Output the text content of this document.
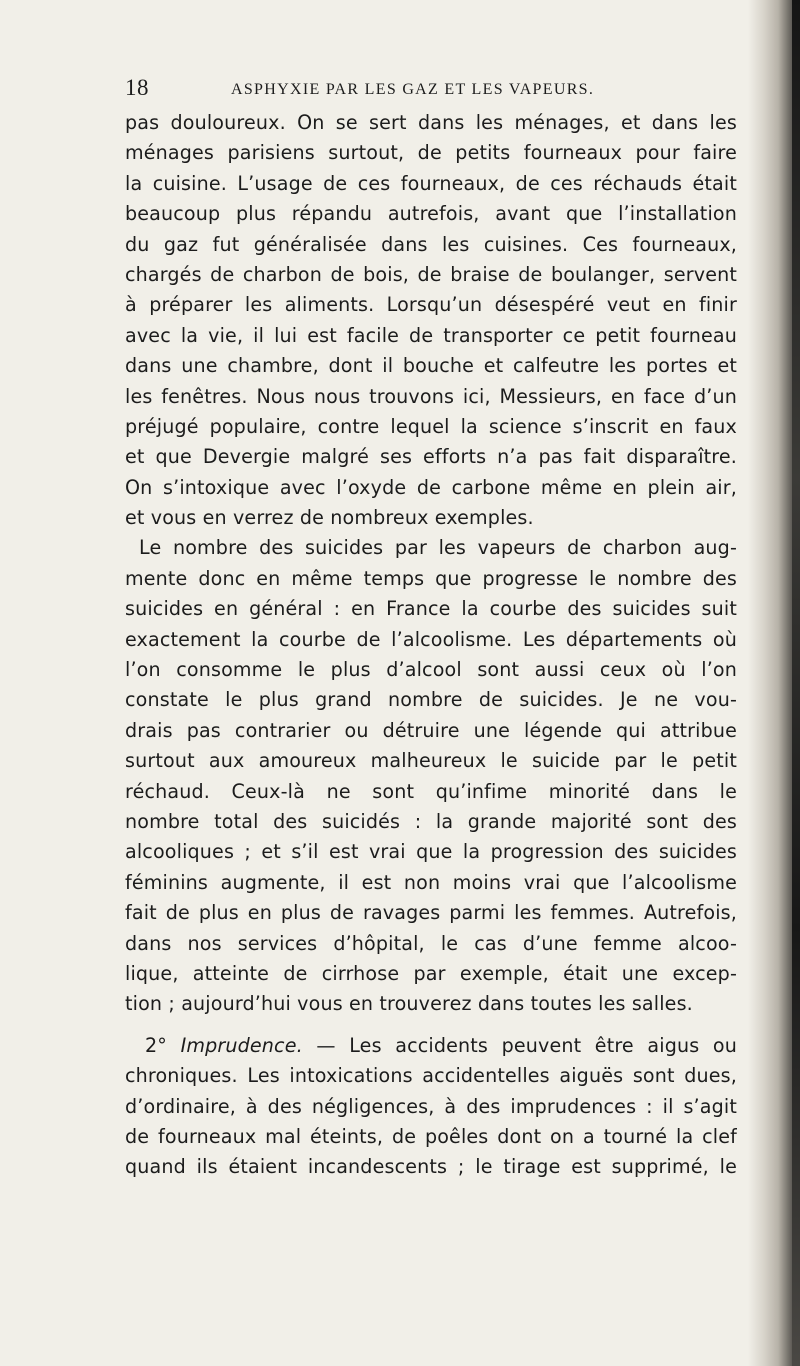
18	ASPHYXIE PAR LES GAZ ET LES VAPEURS.
pas douloureux. On se sert dans les ménages, et dans les
ménages parisiens surtout, de petits fourneaux pour faire
la cuisine. L’usage de ces fourneaux, de ces réchauds était
beaucoup plus répandu autrefois, avant que l’installation
du gaz fut généralisée dans les cuisines. Ces fourneaux,
chargés de charbon de bois, de braise de boulanger, servent
à préparer les aliments. Lorsqu’un désespéré veut en finir
avec la vie, il lui est facile de transporter ce petit fourneau
dans une chambre, dont il bouche et calfeutre les portes et
les fenêtres. Nous nous trouvons ici, Messieurs, en face d’un
préjugé populaire, contre lequel la science s’inscrit en faux
et que Devergie malgré ses efforts n’a pas fait disparaître.
On s’intoxique avec l’oxyde de carbone même en plein air,
et vous en verrez de nombreux exemples.
Le nombre des suicides par les vapeurs de charbon aug-
mente donc en même temps que progresse le nombre des
suicides en général : en France la courbe des suicides suit
exactement la courbe de l’alcoolisme. Les départements où
l’on consomme le plus d’alcool sont aussi ceux où l’on
constate le plus grand nombre de suicides. Je ne vou-
drais pas contrarier ou détruire une légende qui attribue
surtout aux amoureux malheureux le suicide par le petit
réchaud. Ceux-là ne sont qu’infime minorité dans le
nombre total des suicidés : la grande majorité sont des
alcooliques ; et s’il est vrai que la progression des suicides
féminins augmente, il est non moins vrai que l’alcoolisme
fait de plus en plus de ravages parmi les femmes. Autrefois,
dans nos services d’hôpital, le cas d’une femme alcoo-
lique, atteinte de cirrhose par exemple, était une excep-
tion ; aujourd’hui vous en trouverez dans toutes les salles.
2° Imprudence. — Les accidents peuvent être aigus ou
chroniques. Les intoxications accidentelles aiguës sont dues,
d’ordinaire, à des négligences, à des imprudences : il s’agit
de fourneaux mal éteints, de poêles dont on a tourné la clef
quand ils étaient incandescents ; le tirage est supprimé, le
